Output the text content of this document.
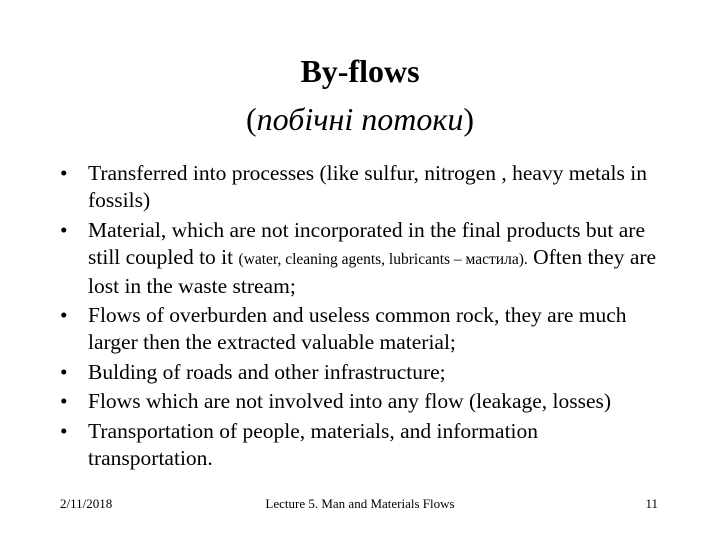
By-flows
(побічні потоки)
• Transferred into processes (like sulfur, nitrogen , heavy metals in fossils)
• Material, which are not incorporated in the final products but are still coupled to it (water, cleaning agents, lubricants – мастила). Often they are lost in the waste stream;
• Flows of overburden and useless common rock, they are much larger then the extracted valuable material;
• Bulding of roads and other infrastructure;
• Flows which are not involved into any flow (leakage, losses)
• Transportation of people, materials, and information transportation.
2/11/2018	Lecture 5. Man and Materials Flows	11
